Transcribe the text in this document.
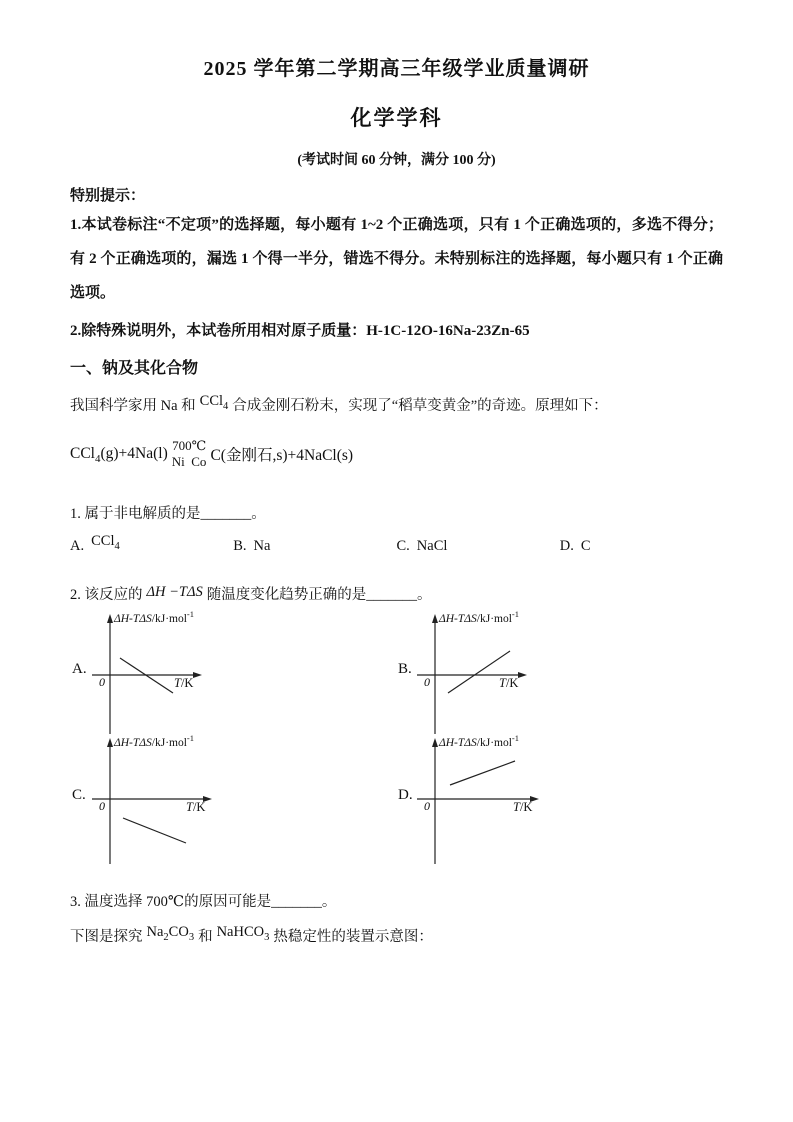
2025 学年第二学期高三年级学业质量调研
化学学科

(考试时间 60 分钟，满分 100 分)

特别提示：

1.本试卷标注“不定项”的选择题，每小题有 1~2 个正确选项，只有 1 个正确选项的，多选不得分；有 2 个正确选项的，漏选 1 个得一半分，错选不得分。未特别标注的选择题，每小题只有 1 个正确选项。

2.除特殊说明外，本试卷所用相对原子质量：H-1C-12O-16Na-23Zn-65

一、钠及其化合物

我国科学家用 Na 和 CCl$_4$ 合成金刚石粉末，实现了“稻草变黄金”的奇迹。原理如下：

CCl$_4$(g)+4Na(l) 700℃
Ni  Co C(金刚石,s)+4NaCl(s)

1. 属于非电解质的是_______。

A. CCl$_4$	B. Na	C. NaCl	D. C

2. 该反应的 ΔH −TΔS 随温度变化趋势正确的是_______。

A.
ΔH-TΔS/kJ·mol$^{-1}$
0	T/K
B.
ΔH-TΔS/kJ·mol$^{-1}$
0	T/K
C.
ΔH-TΔS/kJ·mol$^{-1}$
0	T/K
D.
ΔH-TΔS/kJ·mol$^{-1}$
0	T/K

3. 温度选择 700℃的原因可能是_______。

下图是探究 $Na_2CO_3$ 和 NaHCO$_3$ 热稳定性的装置示意图：
